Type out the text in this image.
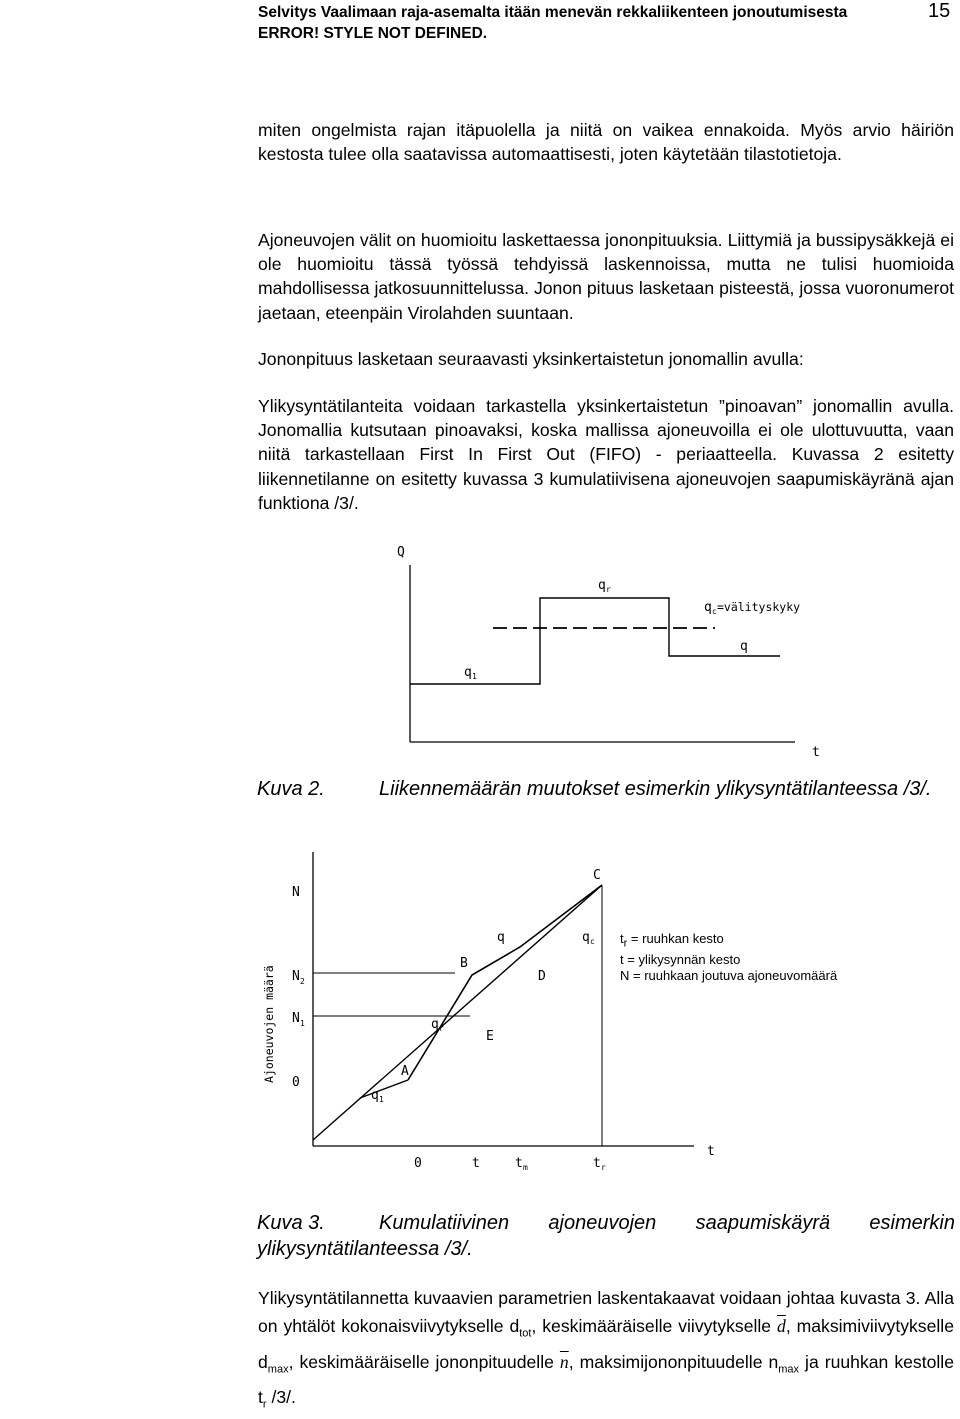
Selvitys Vaalimaan raja-asemalta itään menevän rekkaliikenteen jonoutumisesta
ERROR! STYLE NOT DEFINED.
15

miten ongelmista rajan itäpuolella ja niitä on vaikea ennakoida. Myös arvio häiriön kestosta tulee olla saatavissa automaattisesti, joten käytetään tilastotietoja.

Ajoneuvojen välit on huomioitu laskettaessa jononpituuksia. Liittymiä ja bussipysäkkejä ei ole huomioitu tässä työssä tehdyissä laskennoissa, mutta ne tulisi huomioida mahdollisessa jatkosuunnittelussa. Jonon pituus lasketaan pisteestä, jossa vuoronumerot jaetaan, eteenpäin Virolahden suuntaan.

Jononpituus lasketaan seuraavasti yksinkertaistetun jonomallin avulla:

Ylikysyntätilanteita voidaan tarkastella yksinkertaistetun ”pinoavan” jonomallin avulla. Jonomallia kutsutaan pinoavaksi, koska mallissa ajoneuvoilla ei ole ulottuvuutta, vaan niitä tarkastellaan First In First Out (FIFO) - periaatteella. Kuvassa 2 esitetty liikennetilanne on esitetty kuvassa 3 kumulatiivisena ajoneuvojen saapumiskäyränä ajan funktiona /3/.

Q
q r
q c =välityskyky
q
q 1
t
Kuva 2.	Liikennemäärän muutokset esimerkin ylikysyntätilanteessa /3/.
Ajoneuvojen määrä
N
C
q	q c
B
D
N 2
N 1	q r
E
A
0
q 1
0	t	t m	t r
t
$t_r$ = ruuhkan kesto
t = ylikysynnän kesto
N = ruuhkaan joutuva ajoneuvomäärä
Kuva 3.	Kumulatiivinen ajoneuvojen saapumiskäyrä esimerkin ylikysyntätilanteessa /3/.

Ylikysyntätilannetta kuvaavien parametrien laskentakaavat voidaan johtaa kuvasta 3. Alla on yhtälöt kokonaisviivytykselle $d_{tot}$, keskimääräiselle viivytykselle $\overline{d}$, maksimiviivytykselle $d_{max}$, keskimääräiselle jononpituudelle $\overline{n}$, maksimijononpituudelle $n_{max}$ ja ruuhkan kestolle $t_r$ /3/.
